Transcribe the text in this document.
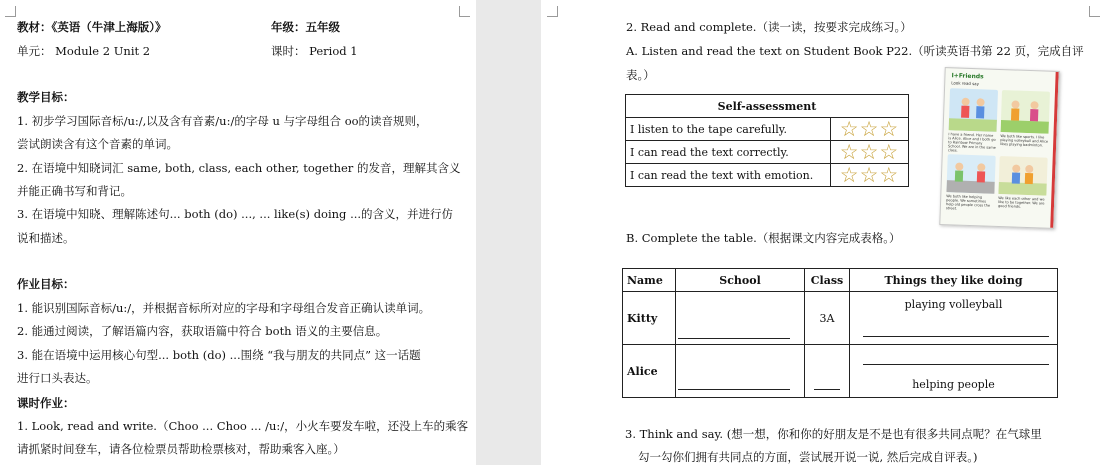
教材：《英语（牛津上海版）》	年级：五年级
单元： Module 2 Unit 2	课时： Period 1
教学目标：
1. 初步学习国际音标/u:/,以及含有音素/u:/的字母 u 与字母组合 oo的读音规则，
尝试朗读含有这个音素的单词。
2. 在语境中知晓词汇 same, both, class, each other, together 的发音，理解其含义
并能正确书写和背记。
3. 在语境中知晓、理解陈述句... both (do) ..., ... like(s) doing ...的含义，并进行仿
说和描述。
作业目标：
1. 能识别国际音标/u:/，并根据音标所对应的字母和字母组合发音正确认读单词。
2. 能通过阅读，了解语篇内容，获取语篇中符合 both 语义的主要信息。
3. 能在语境中运用核心句型... both (do) ...围绕 “我与朋友的共同点” 这一话题
进行口头表达。
课时作业：
1. Look, read and write.（Choo ... Choo ... /u:/，小火车要发车啦，还没上车的乘客
请抓紧时间登车，请各位检票员帮助检票核对，帮助乘客入座。）
2. Read and complete.（读一读，按要求完成练习。）
A. Listen and read the text on Student Book P22.（听读英语书第 22 页，完成自评
表。）
Self-assessment	
I listen to the tape carefully.	☆☆☆
I can read the text correctly.	☆☆☆
I can read the text with emotion.	☆☆☆
I+Friends
Look read say
I have a friend. Her name is Alice. Alice and I both go to Rainbow Primary School. We are in the same class.
We both like sports. I like playing volleyball and Alice likes playing badminton.
We both like helping people. We sometimes help old people cross the street.
We like each other and we like to be together. We are good friends.
B. Complete the table.（根据课文内容完成表格。）
Name	School	Class	Things they like doing
Kitty		3A	playing volleyball
Alice			helping people
3. Think and say. (想一想，你和你的好朋友是不是也有很多共同点呢？在气球里
勾一勾你们拥有共同点的方面，尝试展开说一说, 然后完成自评表。)
